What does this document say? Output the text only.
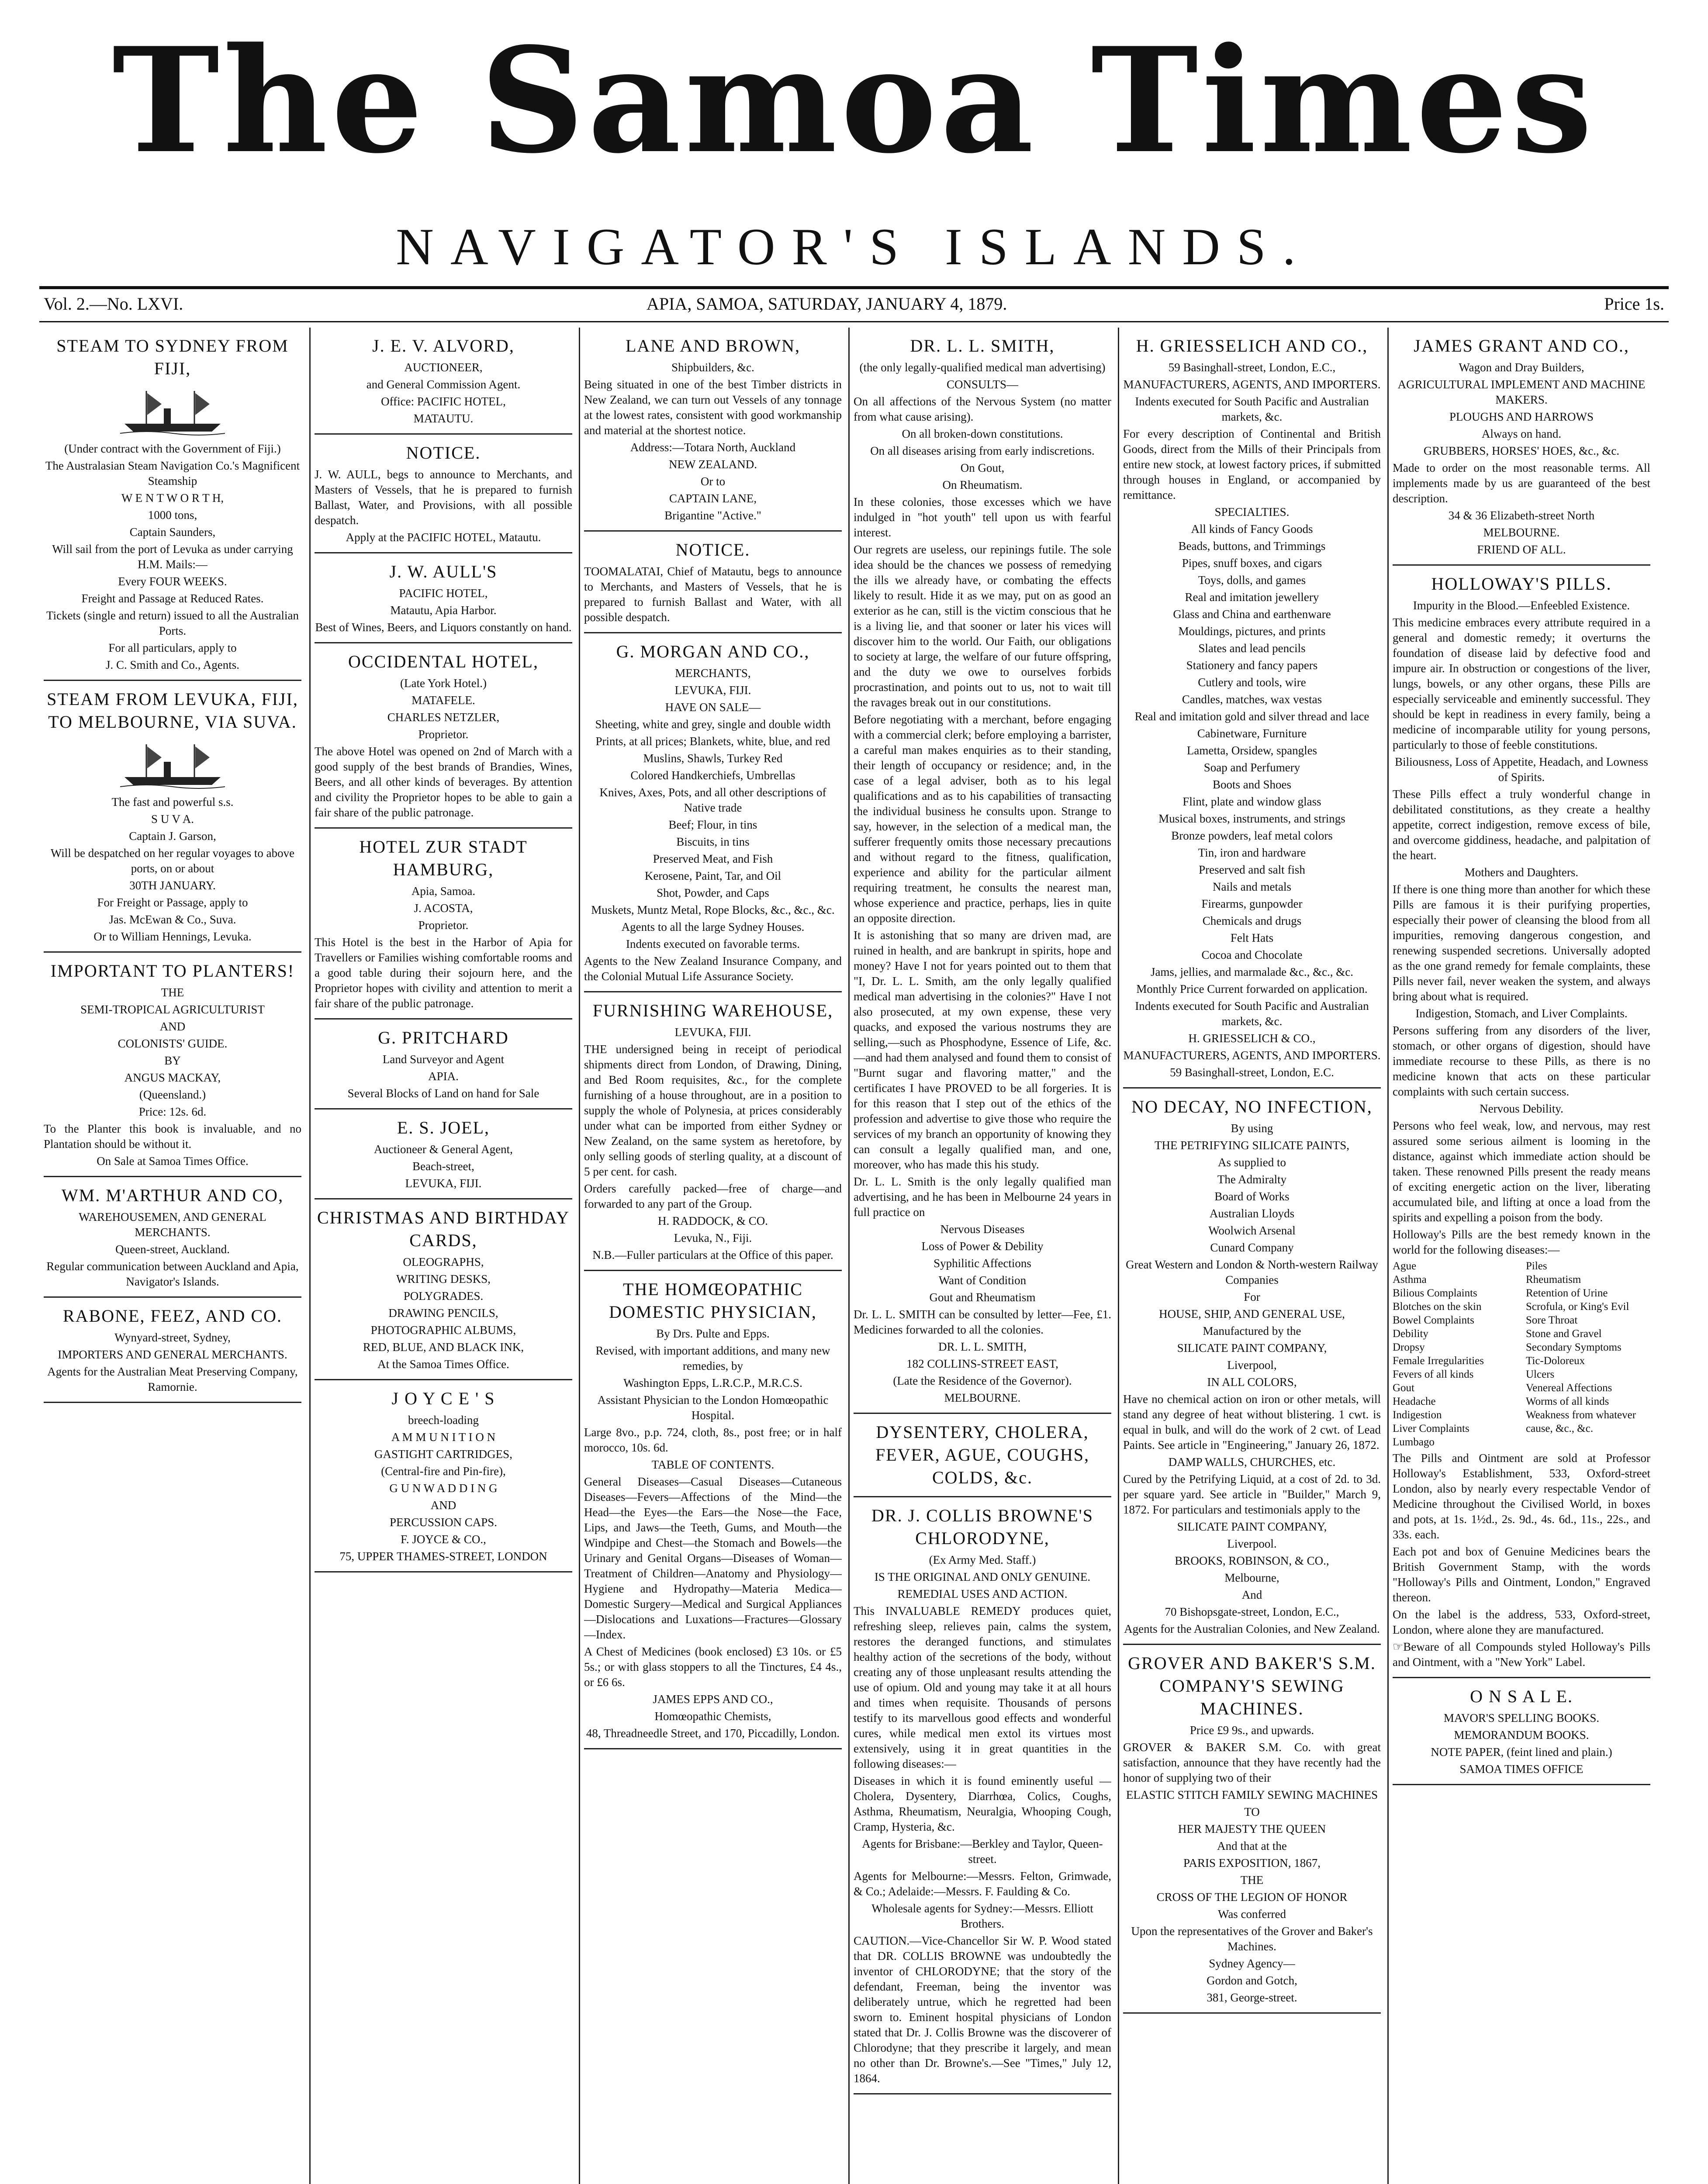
The Samoa Times
NAVIGATOR'S ISLANDS.
Vol. 2.—No. LXVI.	APIA, SAMOA, SATURDAY, JANUARY 4, 1879.	Price 1s.
STEAM TO SYDNEY FROM FIJI,
(Under contract with the Government of Fiji.)
The Australasian Steam Navigation Co.'s Magnificent Steamship
W E N T W O R T H,
1000 tons,
Captain Saunders,
Will sail from the port of Levuka as under carrying H.M. Mails:—
Every FOUR WEEKS.
Freight and Passage at Reduced Rates.
Tickets (single and return) issued to all the Australian Ports.
For all particulars, apply to
J. C. Smith and Co., Agents.
STEAM FROM LEVUKA, FIJI, TO MELBOURNE, VIA SUVA.
The fast and powerful s.s.
S U V A.
Captain J. Garson,
Will be despatched on her regular voyages to above ports, on or about
30TH JANUARY.
For Freight or Passage, apply to
Jas. McEwan & Co., Suva.
Or to William Hennings, Levuka.
IMPORTANT TO PLANTERS!
THE
SEMI-TROPICAL AGRICULTURIST
AND
COLONISTS' GUIDE.
BY
ANGUS MACKAY,
(Queensland.)
Price: 12s. 6d.
To the Planter this book is invaluable, and no Plantation should be without it.
On Sale at Samoa Times Office.
WM. M'ARTHUR AND CO,
WAREHOUSEMEN, AND GENERAL MERCHANTS.
Queen-street, Auckland.
Regular communication between Auckland and Apia, Navigator's Islands.
RABONE, FEEZ, AND CO.
Wynyard-street, Sydney,
IMPORTERS AND GENERAL MERCHANTS.
Agents for the Australian Meat Preserving Company, Ramornie.
J. E. V. ALVORD,
AUCTIONEER,
and General Commission Agent.
Office: PACIFIC HOTEL,
MATAUTU.
NOTICE.
J. W. AULL, begs to announce to Merchants, and Masters of Vessels, that he is prepared to furnish Ballast, Water, and Provisions, with all possible despatch.
Apply at the PACIFIC HOTEL, Matautu.
J. W. AULL'S
PACIFIC HOTEL,
Matautu, Apia Harbor.
Best of Wines, Beers, and Liquors constantly on hand.
OCCIDENTAL HOTEL,
(Late York Hotel.)
MATAFELE.
CHARLES NETZLER,
Proprietor.
The above Hotel was opened on 2nd of March with a good supply of the best brands of Brandies, Wines, Beers, and all other kinds of beverages. By attention and civility the Proprietor hopes to be able to gain a fair share of the public patronage.
HOTEL ZUR STADT HAMBURG,
Apia, Samoa.
J. ACOSTA,
Proprietor.
This Hotel is the best in the Harbor of Apia for Travellers or Families wishing comfortable rooms and a good table during their sojourn here, and the Proprietor hopes with civility and attention to merit a fair share of the public patronage.
G. PRITCHARD
Land Surveyor and Agent
APIA.
Several Blocks of Land on hand for Sale
E. S. JOEL,
Auctioneer & General Agent,
Beach-street,
LEVUKA, FIJI.
CHRISTMAS AND BIRTHDAY CARDS,
OLEOGRAPHS,
WRITING DESKS,
POLYGRADES.
DRAWING PENCILS,
PHOTOGRAPHIC ALBUMS,
RED, BLUE, AND BLACK INK,
At the Samoa Times Office.
J O Y C E ' S
breech-loading
A M M U N I T I O N
GASTIGHT CARTRIDGES,
(Central-fire and Pin-fire),
G U N W A D D I N G
AND
PERCUSSION CAPS.
F. JOYCE & CO.,
75, UPPER THAMES-STREET, LONDON
LANE AND BROWN,
Shipbuilders, &c.
Being situated in one of the best Timber districts in New Zealand, we can turn out Vessels of any tonnage at the lowest rates, consistent with good workmanship and material at the shortest notice.
Address:—Totara North, Auckland
NEW ZEALAND.
Or to
CAPTAIN LANE,
Brigantine "Active."
NOTICE.
TOOMALATAI, Chief of Matautu, begs to announce to Merchants, and Masters of Vessels, that he is prepared to furnish Ballast and Water, with all possible despatch.
G. MORGAN AND CO.,
MERCHANTS,
LEVUKA, FIJI.
HAVE ON SALE—
Sheeting, white and grey, single and double width
Prints, at all prices; Blankets, white, blue, and red
Muslins, Shawls, Turkey Red
Colored Handkerchiefs, Umbrellas
Knives, Axes, Pots, and all other descriptions of Native trade
Beef; Flour, in tins
Biscuits, in tins
Preserved Meat, and Fish
Kerosene, Paint, Tar, and Oil
Shot, Powder, and Caps
Muskets, Muntz Metal, Rope Blocks, &c., &c., &c.
Agents to all the large Sydney Houses.
Indents executed on favorable terms.
Agents to the New Zealand Insurance Company, and the Colonial Mutual Life Assurance Society.
FURNISHING WAREHOUSE,
LEVUKA, FIJI.
THE undersigned being in receipt of periodical shipments direct from London, of Drawing, Dining, and Bed Room requisites, &c., for the complete furnishing of a house throughout, are in a position to supply the whole of Polynesia, at prices considerably under what can be imported from either Sydney or New Zealand, on the same system as heretofore, by only selling goods of sterling quality, at a discount of 5 per cent. for cash.
Orders carefully packed—free of charge—and forwarded to any part of the Group.
H. RADDOCK, & CO.
Levuka, N., Fiji.
N.B.—Fuller particulars at the Office of this paper.
THE HOMŒOPATHIC DOMESTIC PHYSICIAN,
By Drs. Pulte and Epps.
Revised, with important additions, and many new remedies, by
Washington Epps, L.R.C.P., M.R.C.S.
Assistant Physician to the London Homœopathic Hospital.
Large 8vo., p.p. 724, cloth, 8s., post free; or in half morocco, 10s. 6d.
TABLE OF CONTENTS.
General Diseases—Casual Diseases—Cutaneous Diseases—Fevers—Affections of the Mind—the Head—the Eyes—the Ears—the Nose—the Face, Lips, and Jaws—the Teeth, Gums, and Mouth—the Windpipe and Chest—the Stomach and Bowels—the Urinary and Genital Organs—Diseases of Woman—Treatment of Children—Anatomy and Physiology—Hygiene and Hydropathy—Materia Medica—Domestic Surgery—Medical and Surgical Appliances—Dislocations and Luxations—Fractures—Glossary—Index.
A Chest of Medicines (book enclosed) £3 10s. or £5 5s.; or with glass stoppers to all the Tinctures, £4 4s., or £6 6s.
JAMES EPPS AND CO.,
Homœopathic Chemists,
48, Threadneedle Street, and 170, Piccadilly, London.
DR. L. L. SMITH,
(the only legally-qualified medical man advertising)
CONSULTS—
On all affections of the Nervous System (no matter from what cause arising).
On all broken-down constitutions.
On all diseases arising from early indiscretions.
On Gout,
On Rheumatism.
In these colonies, those excesses which we have indulged in "hot youth" tell upon us with fearful interest.
Our regrets are useless, our repinings futile. The sole idea should be the chances we possess of remedying the ills we already have, or combating the effects likely to result. Hide it as we may, put on as good an exterior as he can, still is the victim conscious that he is a living lie, and that sooner or later his vices will discover him to the world. Our Faith, our obligations to society at large, the welfare of our future offspring, and the duty we owe to ourselves forbids procrastination, and points out to us, not to wait till the ravages break out in our constitutions.
Before negotiating with a merchant, before engaging with a commercial clerk; before employing a barrister, a careful man makes enquiries as to their standing, their length of occupancy or residence; and, in the case of a legal adviser, both as to his legal qualifications and as to his capabilities of transacting the individual business he consults upon. Strange to say, however, in the selection of a medical man, the sufferer frequently omits those necessary precautions and without regard to the fitness, qualification, experience and ability for the particular ailment requiring treatment, he consults the nearest man, whose experience and practice, perhaps, lies in quite an opposite direction.
It is astonishing that so many are driven mad, are ruined in health, and are bankrupt in spirits, hope and money? Have I not for years pointed out to them that "I, Dr. L. L. Smith, am the only legally qualified medical man advertising in the colonies?" Have I not also prosecuted, at my own expense, these very quacks, and exposed the various nostrums they are selling,—such as Phosphodyne, Essence of Life, &c.—and had them analysed and found them to consist of "Burnt sugar and flavoring matter," and the certificates I have PROVED to be all forgeries. It is for this reason that I step out of the ethics of the profession and advertise to give those who require the services of my branch an opportunity of knowing they can consult a legally qualified man, and one, moreover, who has made this his study.
Dr. L. L. Smith is the only legally qualified man advertising, and he has been in Melbourne 24 years in full practice on
Nervous Diseases
Loss of Power & Debility
Syphilitic Affections
Want of Condition
Gout and Rheumatism
Dr. L. L. SMITH can be consulted by letter—Fee, £1. Medicines forwarded to all the colonies.
DR. L. L. SMITH,
182 COLLINS-STREET EAST,
(Late the Residence of the Governor).
MELBOURNE.
DYSENTERY, CHOLERA, FEVER, AGUE, COUGHS, COLDS, &c.
DR. J. COLLIS BROWNE'S CHLORODYNE,
(Ex Army Med. Staff.)
IS THE ORIGINAL AND ONLY GENUINE.
REMEDIAL USES AND ACTION.
This INVALUABLE REMEDY produces quiet, refreshing sleep, relieves pain, calms the system, restores the deranged functions, and stimulates healthy action of the secretions of the body, without creating any of those unpleasant results attending the use of opium. Old and young may take it at all hours and times when requisite. Thousands of persons testify to its marvellous good effects and wonderful cures, while medical men extol its virtues most extensively, using it in great quantities in the following diseases:—
Diseases in which it is found eminently useful — Cholera, Dysentery, Diarrhœa, Colics, Coughs, Asthma, Rheumatism, Neuralgia, Whooping Cough, Cramp, Hysteria, &c.
Agents for Brisbane:—Berkley and Taylor, Queen-street.
Agents for Melbourne:—Messrs. Felton, Grimwade, & Co.; Adelaide:—Messrs. F. Faulding & Co.
Wholesale agents for Sydney:—Messrs. Elliott Brothers.
CAUTION.—Vice-Chancellor Sir W. P. Wood stated that DR. COLLIS BROWNE was undoubtedly the inventor of CHLORODYNE; that the story of the defendant, Freeman, being the inventor was deliberately untrue, which he regretted had been sworn to. Eminent hospital physicians of London stated that Dr. J. Collis Browne was the discoverer of Chlorodyne; that they prescribe it largely, and mean no other than Dr. Browne's.—See "Times," July 12, 1864.
H. GRIESSELICH AND CO.,
59 Basinghall-street, London, E.C.,
MANUFACTURERS, AGENTS, AND IMPORTERS.
Indents executed for South Pacific and Australian markets, &c.
For every description of Continental and British Goods, direct from the Mills of their Principals from entire new stock, at lowest factory prices, if submitted through houses in England, or accompanied by remittance.
SPECIALTIES.
All kinds of Fancy Goods
Beads, buttons, and Trimmings
Pipes, snuff boxes, and cigars
Toys, dolls, and games
Real and imitation jewellery
Glass and China and earthenware
Mouldings, pictures, and prints
Slates and lead pencils
Stationery and fancy papers
Cutlery and tools, wire
Candles, matches, wax vestas
Real and imitation gold and silver thread and lace
Cabinetware, Furniture
Lametta, Orsidew, spangles
Soap and Perfumery
Boots and Shoes
Flint, plate and window glass
Musical boxes, instruments, and strings
Bronze powders, leaf metal colors
Tin, iron and hardware
Preserved and salt fish
Nails and metals
Firearms, gunpowder
Chemicals and drugs
Felt Hats
Cocoa and Chocolate
Jams, jellies, and marmalade &c., &c., &c.
Monthly Price Current forwarded on application.
Indents executed for South Pacific and Australian markets, &c.
H. GRIESSELICH & CO.,
MANUFACTURERS, AGENTS, AND IMPORTERS.
59 Basinghall-street, London, E.C.
NO DECAY, NO INFECTION,
By using
THE PETRIFYING SILICATE PAINTS,
As supplied to
The Admiralty
Board of Works
Australian Lloyds
Woolwich Arsenal
Cunard Company
Great Western and London & North-western Railway Companies
For
HOUSE, SHIP, AND GENERAL USE,
Manufactured by the
SILICATE PAINT COMPANY,
Liverpool,
IN ALL COLORS,
Have no chemical action on iron or other metals, will stand any degree of heat without blistering. 1 cwt. is equal in bulk, and will do the work of 2 cwt. of Lead Paints. See article in "Engineering," January 26, 1872.
DAMP WALLS, CHURCHES, etc.
Cured by the Petrifying Liquid, at a cost of 2d. to 3d. per square yard. See article in "Builder," March 9, 1872. For particulars and testimonials apply to the
SILICATE PAINT COMPANY,
Liverpool.
BROOKS, ROBINSON, & CO.,
Melbourne,
And
70 Bishopsgate-street, London, E.C.,
Agents for the Australian Colonies, and New Zealand.
GROVER AND BAKER'S S.M. COMPANY'S SEWING MACHINES.
Price £9 9s., and upwards.
GROVER & BAKER S.M. Co. with great satisfaction, announce that they have recently had the honor of supplying two of their
ELASTIC STITCH FAMILY SEWING MACHINES
TO
HER MAJESTY THE QUEEN
And that at the
PARIS EXPOSITION, 1867,
THE
CROSS OF THE LEGION OF HONOR
Was conferred
Upon the representatives of the Grover and Baker's Machines.
Sydney Agency—
Gordon and Gotch,
381, George-street.
JAMES GRANT AND CO.,
Wagon and Dray Builders,
AGRICULTURAL IMPLEMENT AND MACHINE MAKERS.
PLOUGHS AND HARROWS
Always on hand.
GRUBBERS, HORSES' HOES, &c., &c.
Made to order on the most reasonable terms. All implements made by us are guaranteed of the best description.
34 & 36 Elizabeth-street North
MELBOURNE.
FRIEND OF ALL.
HOLLOWAY'S PILLS.
Impurity in the Blood.—Enfeebled Existence.
This medicine embraces every attribute required in a general and domestic remedy; it overturns the foundation of disease laid by defective food and impure air. In obstruction or congestions of the liver, lungs, bowels, or any other organs, these Pills are especially serviceable and eminently successful. They should be kept in readiness in every family, being a medicine of incomparable utility for young persons, particularly to those of feeble constitutions.
Biliousness, Loss of Appetite, Headach, and Lowness of Spirits.
These Pills effect a truly wonderful change in debilitated constitutions, as they create a healthy appetite, correct indigestion, remove excess of bile, and overcome giddiness, headache, and palpitation of the heart.
Mothers and Daughters.
If there is one thing more than another for which these Pills are famous it is their purifying properties, especially their power of cleansing the blood from all impurities, removing dangerous congestion, and renewing suspended secretions. Universally adopted as the one grand remedy for female complaints, these Pills never fail, never weaken the system, and always bring about what is required.
Indigestion, Stomach, and Liver Complaints.
Persons suffering from any disorders of the liver, stomach, or other organs of digestion, should have immediate recourse to these Pills, as there is no medicine known that acts on these particular complaints with such certain success.
Nervous Debility.
Persons who feel weak, low, and nervous, may rest assured some serious ailment is looming in the distance, against which immediate action should be taken. These renowned Pills present the ready means of exciting energetic action on the liver, liberating accumulated bile, and lifting at once a load from the spirits and expelling a poison from the body.
Holloway's Pills are the best remedy known in the world for the following diseases:—
Ague
Asthma
Bilious Complaints
Blotches on the skin
Bowel Complaints
Debility
Dropsy
Female Irregularities
Fevers of all kinds
Gout
Headache
Indigestion
Liver Complaints
Lumbago
Piles
Rheumatism
Retention of Urine
Scrofula, or King's Evil
Sore Throat
Stone and Gravel
Secondary Symptoms
Tic-Doloreux
Ulcers
Venereal Affections
Worms of all kinds
Weakness from whatever cause, &c., &c.
The Pills and Ointment are sold at Professor Holloway's Establishment, 533, Oxford-street London, also by nearly every respectable Vendor of Medicine throughout the Civilised World, in boxes and pots, at 1s. 1½d., 2s. 9d., 4s. 6d., 11s., 22s., and 33s. each.
Each pot and box of Genuine Medicines bears the British Government Stamp, with the words "Holloway's Pills and Ointment, London," Engraved thereon.
On the label is the address, 533, Oxford-street, London, where alone they are manufactured.
☞Beware of all Compounds styled Holloway's Pills and Ointment, with a "New York" Label.
O N S A L E.
MAVOR'S SPELLING BOOKS.
MEMORANDUM BOOKS.
NOTE PAPER, (feint lined and plain.)
SAMOA TIMES OFFICE
